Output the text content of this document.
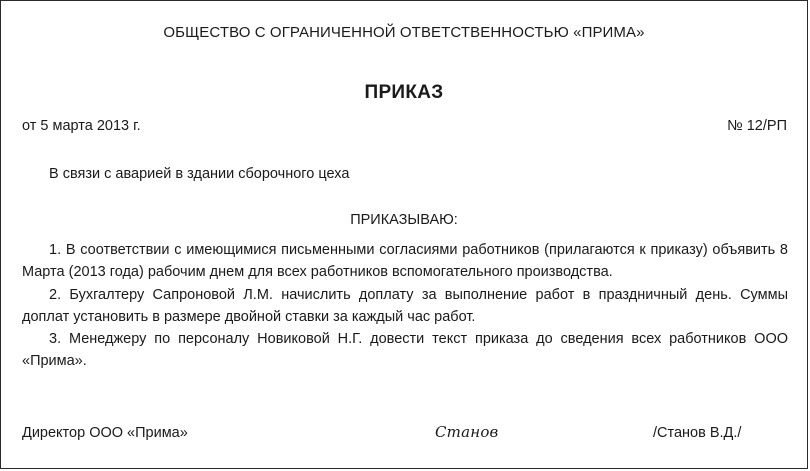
ОБЩЕСТВО С ОГРАНИЧЕННОЙ ОТВЕТСТВЕННОСТЬЮ «ПРИМА»
ПРИКАЗ
от 5 марта 2013 г.	№ 12/РП
В связи с аварией в здании сборочного цеха
ПРИКАЗЫВАЮ:

1. В соответствии с имеющимися письменными согласиями работников (прилагаются к приказу) объявить 8 Марта (2013 года) рабочим днем для всех работников вспомогательного производства.

2. Бухгалтеру Сапроновой Л.М. начислить доплату за выполнение работ в праздничный день. Суммы доплат установить в размере двойной ставки за каждый час работ.

3. Менеджеру по персоналу Новиковой Н.Г. довести текст приказа до сведения всех работников ООО «Прима».

Директор ООО «Прима»	Станов	/Станов В.Д./
